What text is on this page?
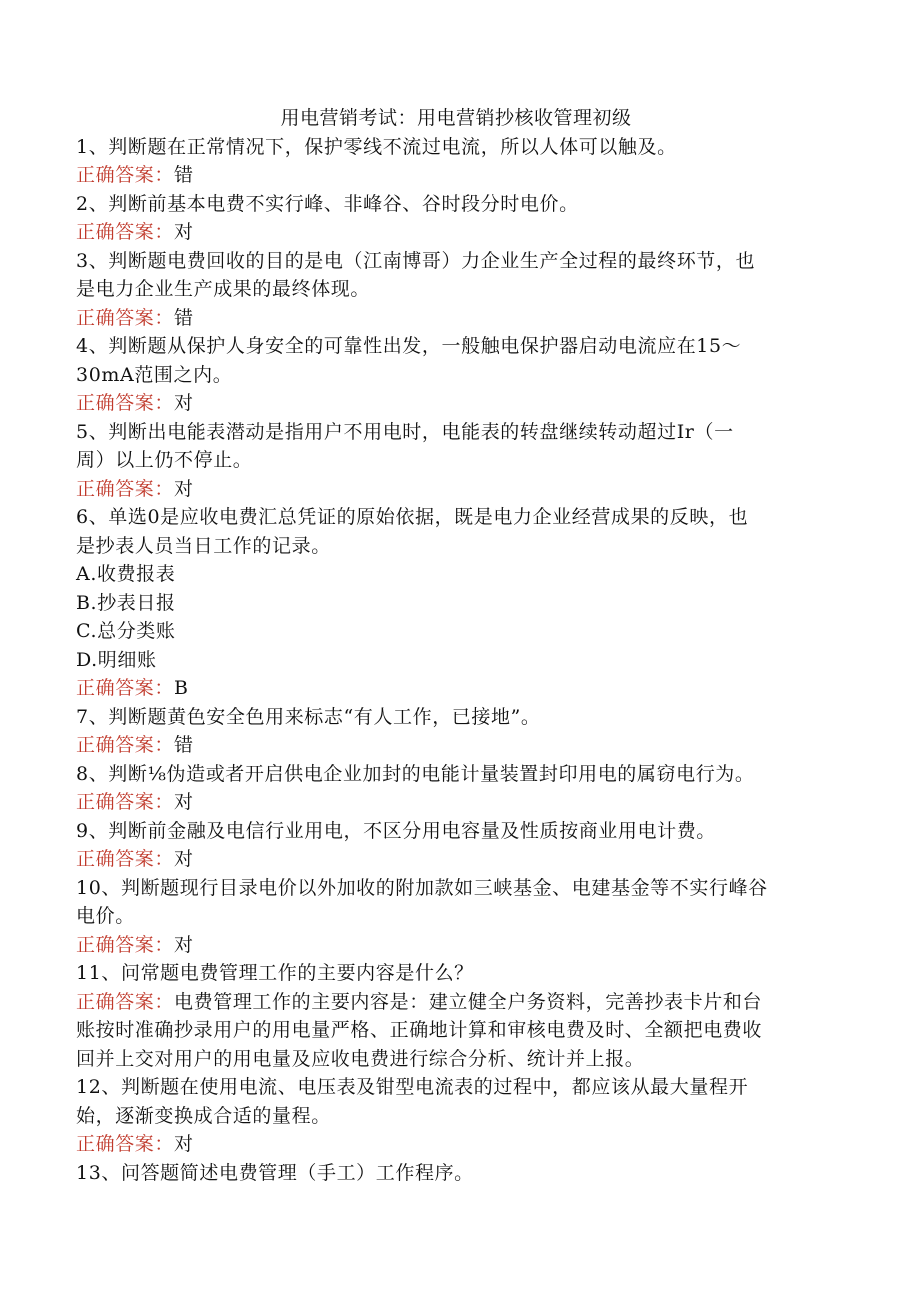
用电营销考试：用电营销抄核收管理初级
1、判断题在正常情况下，保护零线不流过电流，所以人体可以触及。
正确答案：错
2、判断前基本电费不实行峰、非峰谷、谷时段分时电价。
正确答案：对
3、判断题电费回收的目的是电（江南博哥）力企业生产全过程的最终环节，也
是电力企业生产成果的最终体现。
正确答案：错
4、判断题从保护人身安全的可靠性出发，一般触电保护器启动电流应在15～
30mA范围之内。
正确答案：对
5、判断出电能表潜动是指用户不用电时，电能表的转盘继续转动超过Ir（一
周）以上仍不停止。
正确答案：对
6、单选0是应收电费汇总凭证的原始依据，既是电力企业经营成果的反映，也
是抄表人员当日工作的记录。
A.收费报表
B.抄表日报
C.总分类账
D.明细账
正确答案：B
7、判断题黄色安全色用来标志“有人工作，已接地”。
正确答案：错
8、判断⅛伪造或者开启供电企业加封的电能计量装置封印用电的属窃电行为。
正确答案：对
9、判断前金融及电信行业用电，不区分用电容量及性质按商业用电计费。
正确答案：对
10、判断题现行目录电价以外加收的附加款如三峡基金、电建基金等不实行峰谷
电价。
正确答案：对
11、问常题电费管理工作的主要内容是什么？
正确答案：电费管理工作的主要内容是：建立健全户务资料，完善抄表卡片和台
账按时准确抄录用户的用电量严格、正确地计算和审核电费及时、全额把电费收
回并上交对用户的用电量及应收电费进行综合分析、统计并上报。
12、判断题在使用电流、电压表及钳型电流表的过程中，都应该从最大量程开
始，逐渐变换成合适的量程。
正确答案：对
13、问答题简述电费管理（手工）工作程序。
